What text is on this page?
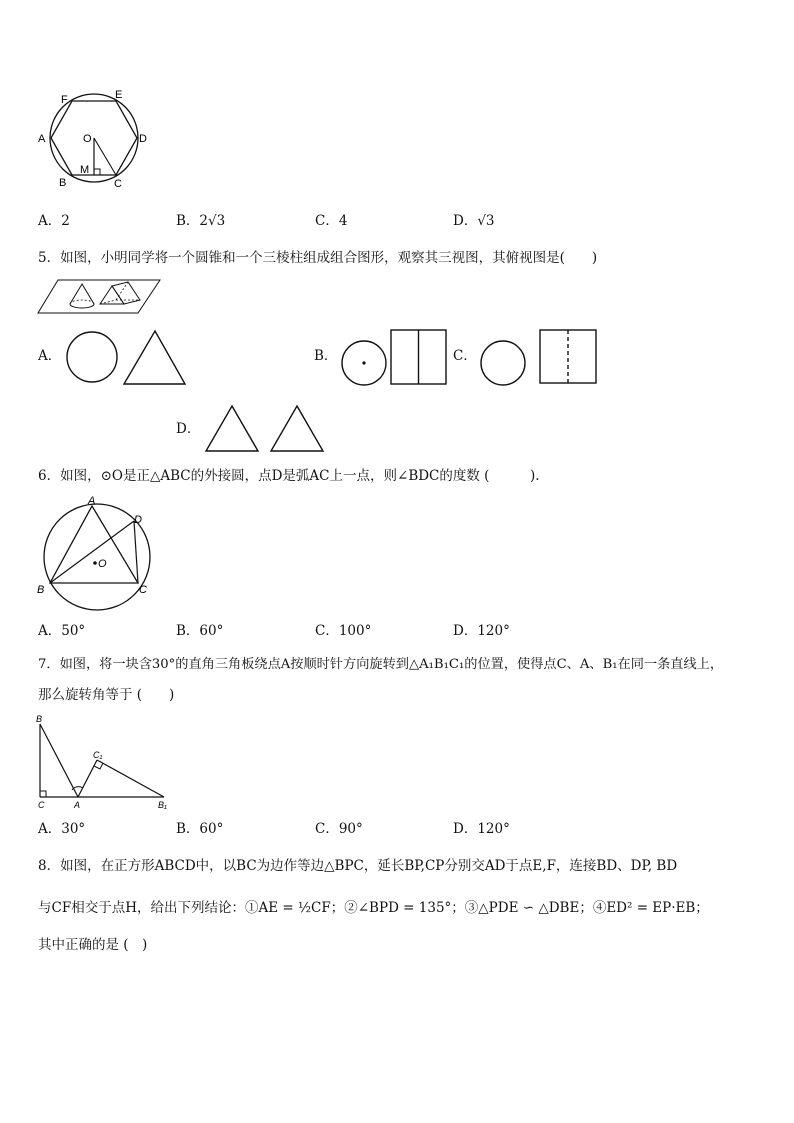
F	E
A	D
O
M
B	C
A．2	B．2√3	C．4	D．√3
5．如图，小明同学将一个圆锥和一个三棱柱组成组合图形，观察其三视图，其俯视图是(　　)
A．	B．	C．
D．
6．如图，⊙O是正△ABC的外接圆，点D是弧AC上一点，则∠BDC的度数 (　　　).
A
D
O
B	C
A．50°	B．60°	C．100°	D．120°
7．如图，将一块含30°的直角三角板绕点A按顺时针方向旋转到△A₁B₁C₁的位置，使得点C、A、B₁在同一条直线上，
那么旋转角等于 (　　)
B
C₁
C	A	B₁
A．30°	B．60°	C．90°	D．120°
8．如图，在正方形ABCD中，以BC为边作等边△BPC，延长BP,CP分别交AD于点E,F，连接BD、DP, BD
与CF相交于点H，给出下列结论：①AE = ½CF；②∠BPD = 135°；③△PDE ∽ △DBE；④ED² = EP·EB；
其中正确的是 (　)
